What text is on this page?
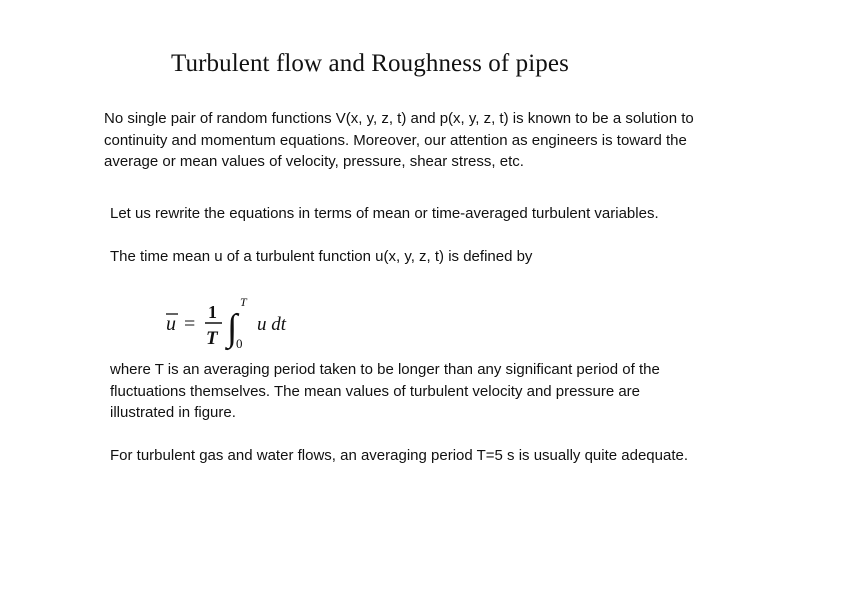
Turbulent flow and Roughness of pipes
No single pair of random functions V(x, y, z, t) and p(x, y, z, t) is known to be a solution to
continuity and momentum equations. Moreover, our attention as engineers is toward the
average or mean values of velocity, pressure, shear stress, etc.
Let us rewrite the equations in terms of mean or time-averaged turbulent variables.
The time mean u of a turbulent function u(x, y, z, t) is defined by
u =
1
T ∫
T
0
u dt
where T is an averaging period taken to be longer than any significant period of the
fluctuations themselves. The mean values of turbulent velocity and pressure are
illustrated in figure.
For turbulent gas and water flows, an averaging period T=5 s is usually quite adequate.
